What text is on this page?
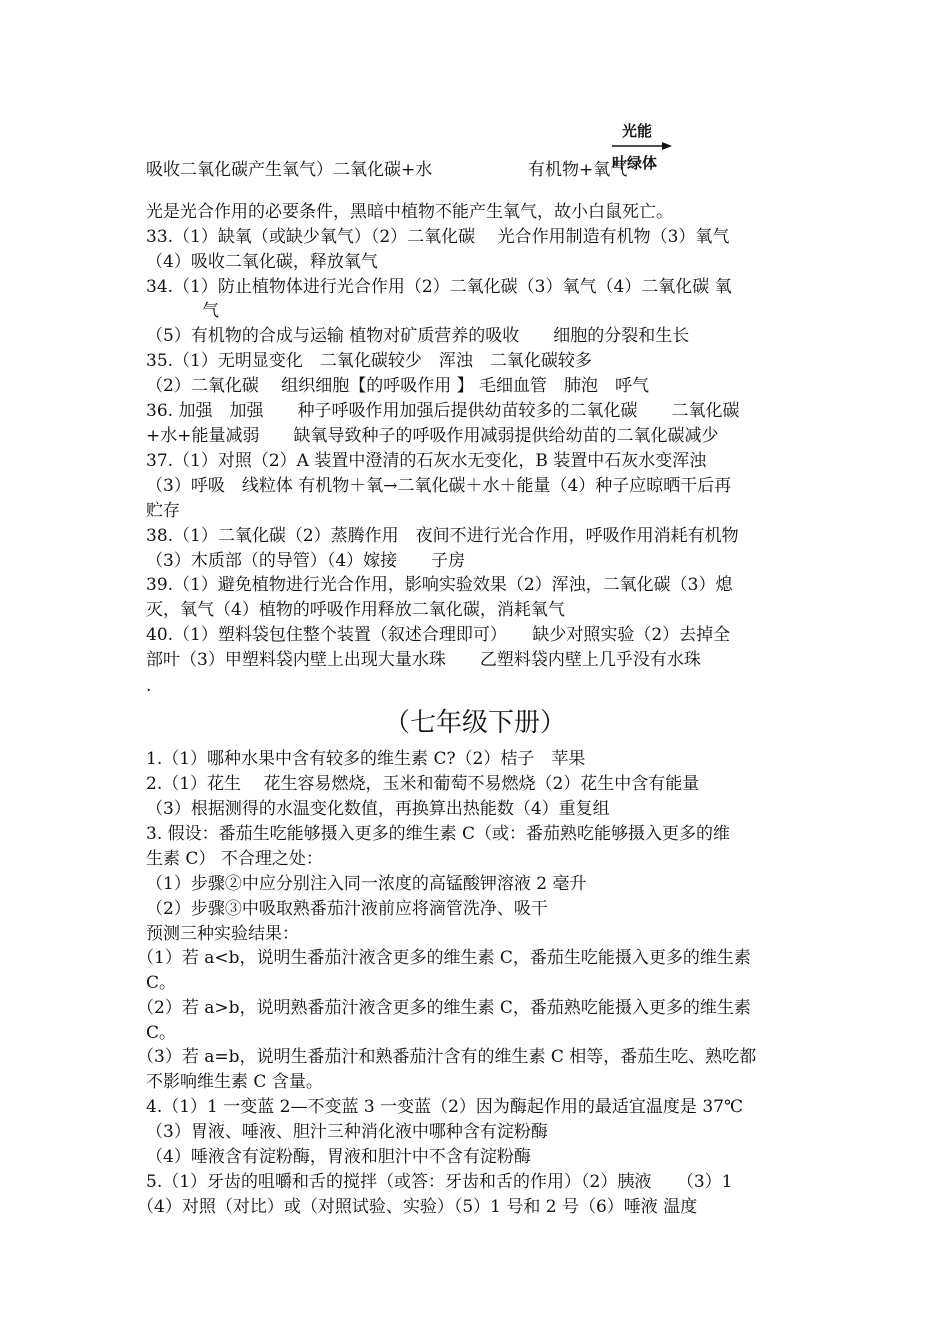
吸收二氧化碳产生氧气）二氧化碳+水
光能
叶绿体
有机物+氧气
光是光合作用的必要条件，黑暗中植物不能产生氧气，故小白鼠死亡。
33.（1）缺氧（或缺少氧气）（2）二氧化碳　 光合作用制造有机物（3）氧气
（4）吸收二氧化碳，释放氧气
34.（1）防止植物体进行光合作用（2）二氧化碳（3）氧气（4）二氧化碳 氧
气
（5）有机物的合成与运输 植物对矿质营养的吸收　　细胞的分裂和生长
35.（1）无明显变化　二氧化碳较少　浑浊　二氧化碳较多
（2）二氧化碳　 组织细胞【的呼吸作用 】 毛细血管　肺泡　呼气
36. 加强　加强　　种子呼吸作用加强后提供幼苗较多的二氧化碳　　二氧化碳
+水+能量减弱　　缺氧导致种子的呼吸作用减弱提供给幼苗的二氧化碳减少
37.（1）对照（2）A 装置中澄清的石灰水无变化，B 装置中石灰水变浑浊
（3）呼吸　线粒体 有机物＋氧→二氧化碳＋水＋能量（4）种子应晾晒干后再
贮存
38.（1）二氧化碳（2）蒸腾作用　夜间不进行光合作用，呼吸作用消耗有机物
（3）木质部（的导管）（4）嫁接　　子房
39.（1）避免植物进行光合作用，影响实验效果（2）浑浊，二氧化碳（3）熄
灭，氧气（4）植物的呼吸作用释放二氧化碳，消耗氧气
40.（1）塑料袋包住整个装置（叙述合理即可）　　缺少对照实验（2）去掉全
部叶（3）甲塑料袋内壁上出现大量水珠　　乙塑料袋内壁上几乎没有水珠
.
（七年级下册）
1.（1）哪种水果中含有较多的维生素 C?（2）桔子　苹果
2.（1）花生　 花生容易燃烧，玉米和葡萄不易燃烧（2）花生中含有能量
（3）根据测得的水温变化数值，再换算出热能数（4）重复组
3. 假设：番茄生吃能够摄入更多的维生素 C（或：番茄熟吃能够摄入更多的维
生素 C） 不合理之处：
（1）步骤②中应分别注入同一浓度的高锰酸钾溶液 2 毫升
（2）步骤③中吸取熟番茄汁液前应将滴管洗净、吸干
预测三种实验结果：
（1）若 a<b，说明生番茄汁液含更多的维生素 C，番茄生吃能摄入更多的维生素
C。
（2）若 a>b，说明熟番茄汁液含更多的维生素 C，番茄熟吃能摄入更多的维生素
C。
（3）若 a=b，说明生番茄汁和熟番茄汁含有的维生素 C 相等，番茄生吃、熟吃都
不影响维生素 C 含量。
4.（1）1 一变蓝 2—不变蓝 3 一变蓝（2）因为酶起作用的最适宜温度是 37℃
（3）胃液、唾液、胆汁三种消化液中哪种含有淀粉酶
（4）唾液含有淀粉酶，胃液和胆汁中不含有淀粉酶
5.（1）牙齿的咀嚼和舌的搅拌（或答：牙齿和舌的作用）（2）胰液　　（3）1
（4）对照（对比）或（对照试验、实验）（5）1 号和 2 号（6）唾液 温度
